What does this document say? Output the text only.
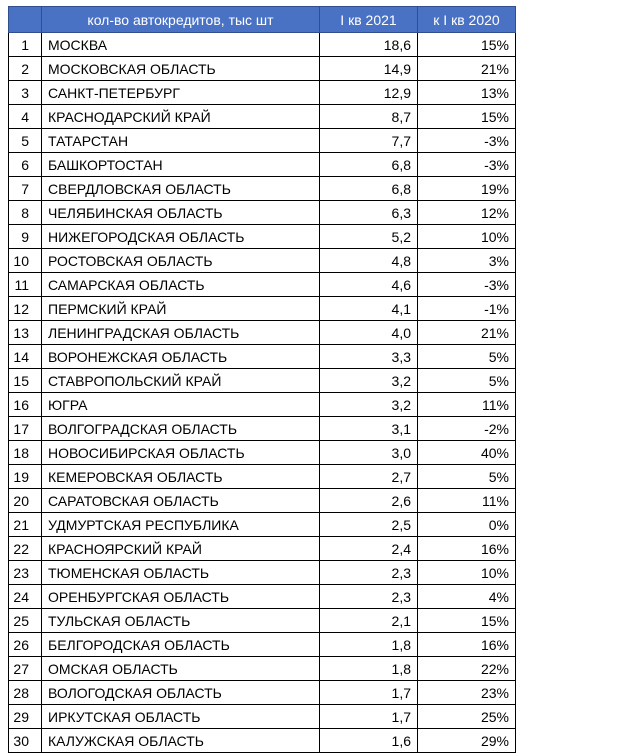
	кол-во автокредитов, тыс шт	I кв 2021	к I кв 2020
1	МОСКВА	18,6	15%
2	МОСКОВСКАЯ ОБЛАСТЬ	14,9	21%
3	САНКТ-ПЕТЕРБУРГ	12,9	13%
4	КРАСНОДАРСКИЙ КРАЙ	8,7	15%
5	ТАТАРСТАН	7,7	-3%
6	БАШКОРТОСТАН	6,8	-3%
7	СВЕРДЛОВСКАЯ ОБЛАСТЬ	6,8	19%
8	ЧЕЛЯБИНСКАЯ ОБЛАСТЬ	6,3	12%
9	НИЖЕГОРОДСКАЯ ОБЛАСТЬ	5,2	10%
10	РОСТОВСКАЯ ОБЛАСТЬ	4,8	3%
11	САМАРСКАЯ ОБЛАСТЬ	4,6	-3%
12	ПЕРМСКИЙ КРАЙ	4,1	-1%
13	ЛЕНИНГРАДСКАЯ ОБЛАСТЬ	4,0	21%
14	ВОРОНЕЖСКАЯ ОБЛАСТЬ	3,3	5%
15	СТАВРОПОЛЬСКИЙ КРАЙ	3,2	5%
16	ЮГРА	3,2	11%
17	ВОЛГОГРАДСКАЯ ОБЛАСТЬ	3,1	-2%
18	НОВОСИБИРСКАЯ ОБЛАСТЬ	3,0	40%
19	КЕМЕРОВСКАЯ ОБЛАСТЬ	2,7	5%
20	САРАТОВСКАЯ ОБЛАСТЬ	2,6	11%
21	УДМУРТСКАЯ РЕСПУБЛИКА	2,5	0%
22	КРАСНОЯРСКИЙ КРАЙ	2,4	16%
23	ТЮМЕНСКАЯ ОБЛАСТЬ	2,3	10%
24	ОРЕНБУРГСКАЯ ОБЛАСТЬ	2,3	4%
25	ТУЛЬСКАЯ ОБЛАСТЬ	2,1	15%
26	БЕЛГОРОДСКАЯ ОБЛАСТЬ	1,8	16%
27	ОМСКАЯ ОБЛАСТЬ	1,8	22%
28	ВОЛОГОДСКАЯ ОБЛАСТЬ	1,7	23%
29	ИРКУТСКАЯ ОБЛАСТЬ	1,7	25%
30	КАЛУЖСКАЯ ОБЛАСТЬ	1,6	29%
